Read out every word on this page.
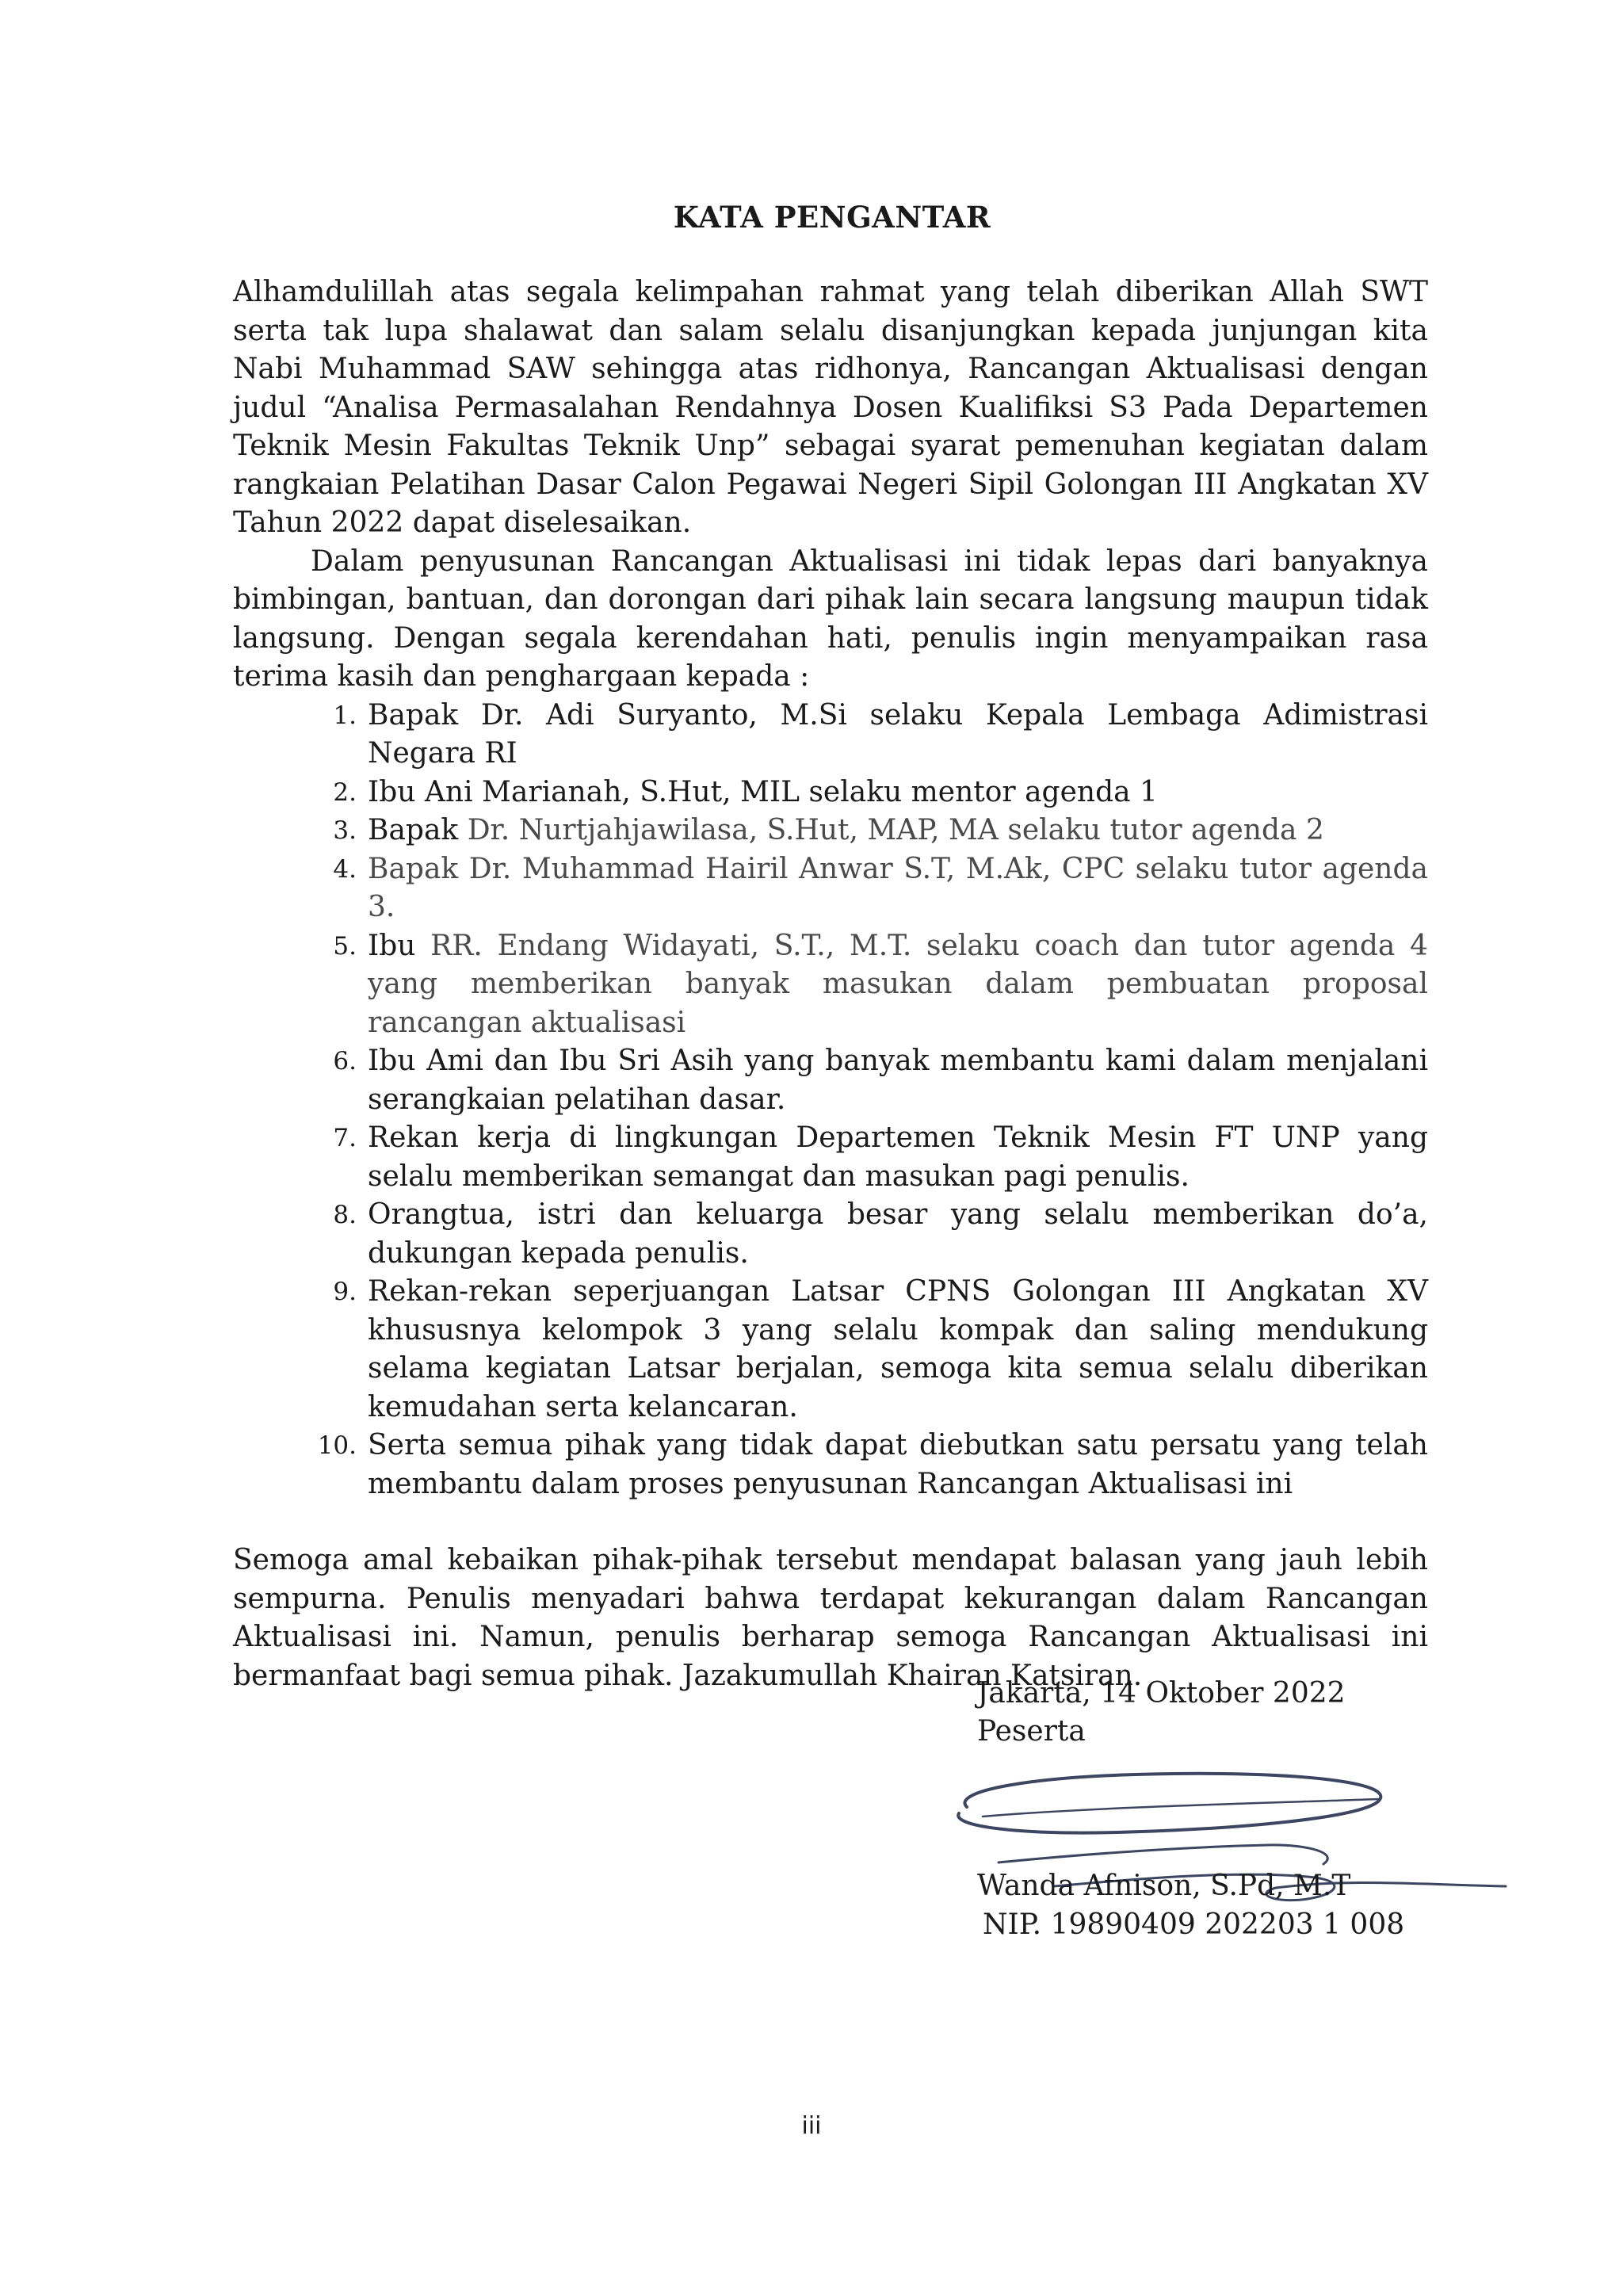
KATA PENGANTAR

Alhamdulillah atas segala kelimpahan rahmat yang telah diberikan Allah SWT serta tak lupa shalawat dan salam selalu disanjungkan kepada junjungan kita Nabi Muhammad SAW sehingga atas ridhonya, Rancangan Aktualisasi dengan judul “Analisa Permasalahan Rendahnya Dosen Kualifiksi S3 Pada Departemen Teknik Mesin Fakultas Teknik Unp” sebagai syarat pemenuhan kegiatan dalam rangkaian Pelatihan Dasar Calon Pegawai Negeri Sipil Golongan III Angkatan XV Tahun 2022 dapat diselesaikan.

Dalam penyusunan Rancangan Aktualisasi ini tidak lepas dari banyaknya bimbingan, bantuan, dan dorongan dari pihak lain secara langsung maupun tidak langsung. Dengan segala kerendahan hati, penulis ingin menyampaikan rasa terima kasih dan penghargaan kepada :

1. Bapak Dr. Adi Suryanto, M.Si selaku Kepala Lembaga Adimistrasi Negara RI
2. Ibu Ani Marianah, S.Hut, MIL selaku mentor agenda 1
3. Bapak Dr. Nurtjahjawilasa, S.Hut, MAP, MA selaku tutor agenda 2
4. Bapak Dr. Muhammad Hairil Anwar S.T, M.Ak, CPC selaku tutor agenda 3.
5. Ibu RR. Endang Widayati, S.T., M.T. selaku coach dan tutor agenda 4 yang memberikan banyak masukan dalam pembuatan proposal rancangan aktualisasi
6. Ibu Ami dan Ibu Sri Asih yang banyak membantu kami dalam menjalani serangkaian pelatihan dasar.
7. Rekan kerja di lingkungan Departemen Teknik Mesin FT UNP yang selalu memberikan semangat dan masukan pagi penulis.
8. Orangtua, istri dan keluarga besar yang selalu memberikan do’a, dukungan kepada penulis.
9. Rekan-rekan seperjuangan Latsar CPNS Golongan III Angkatan XV khususnya kelompok 3 yang selalu kompak dan saling mendukung selama kegiatan Latsar berjalan, semoga kita semua selalu diberikan kemudahan serta kelancaran.
10. Serta semua pihak yang tidak dapat diebutkan satu persatu yang telah membantu dalam proses penyusunan Rancangan Aktualisasi ini

Semoga amal kebaikan pihak-pihak tersebut mendapat balasan yang jauh lebih sempurna. Penulis menyadari bahwa terdapat kekurangan dalam Rancangan Aktualisasi ini. Namun, penulis berharap semoga Rancangan Aktualisasi ini bermanfaat bagi semua pihak. Jazakumullah Khairan Katsiran.

Jakarta, 14 Oktober 2022
Peserta
Wanda Afnison, S.Pd, M.T
NIP. 19890409 202203 1 008
iii
